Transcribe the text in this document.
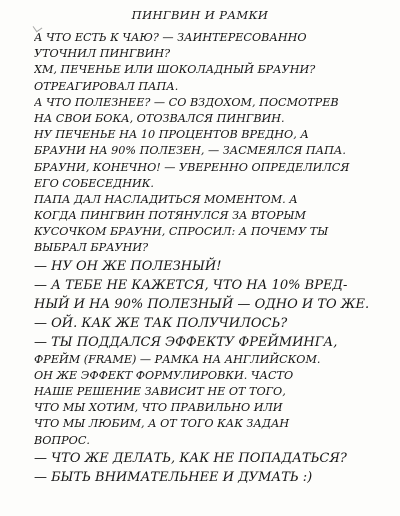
ПИНГВИН И РАМКИ
А ЧТО ЕСТЬ К ЧАЮ? — ЗАИНТЕРЕСОВАННО
УТОЧНИЛ ПИНГВИН?
ХМ, ПЕЧЕНЬЕ ИЛИ ШОКОЛАДНЫЙ БРАУНИ?
ОТРЕАГИРОВАЛ ПАПА.
А ЧТО ПОЛЕЗНЕЕ? — СО ВЗДОХОМ, ПОСМОТРЕВ
НА СВОИ БОКА, ОТОЗВАЛСЯ ПИНГВИН.
НУ ПЕЧЕНЬЕ НА 10 ПРОЦЕНТОВ ВРЕДНО, А
БРАУНИ НА 90% ПОЛЕЗЕН, — ЗАСМЕЯЛСЯ ПАПА.
БРАУНИ, КОНЕЧНО! — УВЕРЕННО ОПРЕДЕЛИЛСЯ
ЕГО СОБЕСЕДНИК.
ПАПА ДАЛ НАСЛАДИТЬСЯ МОМЕНТОМ. А
КОГДА ПИНГВИН ПОТЯНУЛСЯ ЗА ВТОРЫМ
КУСОЧКОМ БРАУНИ, СПРОСИЛ: А ПОЧЕМУ ТЫ
ВЫБРАЛ БРАУНИ?
— НУ ОН ЖЕ ПОЛЕЗНЫЙ!
— А ТЕБЕ НЕ КАЖЕТСЯ, ЧТО НА 10% ВРЕД-
НЫЙ И НА 90% ПОЛЕЗНЫЙ — ОДНО И ТО ЖЕ.
— ОЙ. КАК ЖЕ ТАК ПОЛУЧИЛОСЬ?
— ТЫ ПОДДАЛСЯ ЭФФЕКТУ ФРЕЙМИНГА,
ФРЕЙМ (FRAME) — РАМКА НА АНГЛИЙСКОМ.
ОН ЖЕ ЭФФЕКТ ФОРМУЛИРОВКИ. ЧАСТО
НАШЕ РЕШЕНИЕ ЗАВИСИТ НЕ ОТ ТОГО,
ЧТО МЫ ХОТИМ, ЧТО ПРАВИЛЬНО ИЛИ
ЧТО МЫ ЛЮБИМ, А ОТ ТОГО КАК ЗАДАН
ВОПРОС.
— ЧТО ЖЕ ДЕЛАТЬ, КАК НЕ ПОПАДАТЬСЯ?
— БЫТЬ ВНИМАТЕЛЬНЕЕ И ДУМАТЬ :)
